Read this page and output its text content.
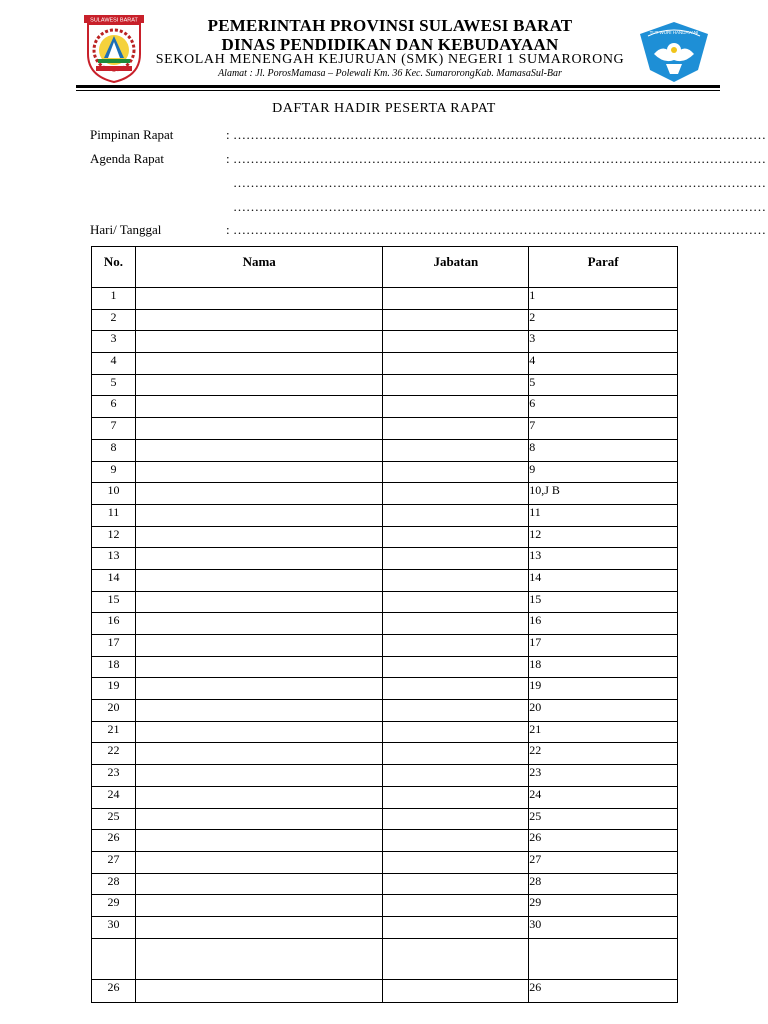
SULAWESI BARAT
TUT WURI HANDAYANI
PEMERINTAH PROVINSI SULAWESI BARAT
DINAS PENDIDIKAN DAN KEBUDAYAAN
SEKOLAH MENENGAH KEJURUAN (SMK) NEGERI 1 SUMARORONG
Alamat : Jl. PorosMamasa – Polewali Km. 36 Kec. SumarorongKab. MamasaSul-Bar
DAFTAR HADIR PESERTA RAPAT
Pimpinan Rapat	: ……………………………………………………………………………………………………………
Agenda Rapat	: ……………………………………………………………………………………………………………
……………………………………………………………………………………………………………
……………………………………………………………………………………………………………
Hari/ Tanggal	: ……………………………………………………………………………………………………………
No.	Nama	Jabatan	Paraf
1			1
2			2
3			3
4			4
5			5
6			6
7			7
8			8
9			9
10			10,J B
11			11
12			12
13			13
14			14
15			15
16			16
17			17
18			18
19			19
20			20
21			21
22			22
23			23
24			24
25			25
26			26
27			27
28			28
29			29
30			30

26			26
